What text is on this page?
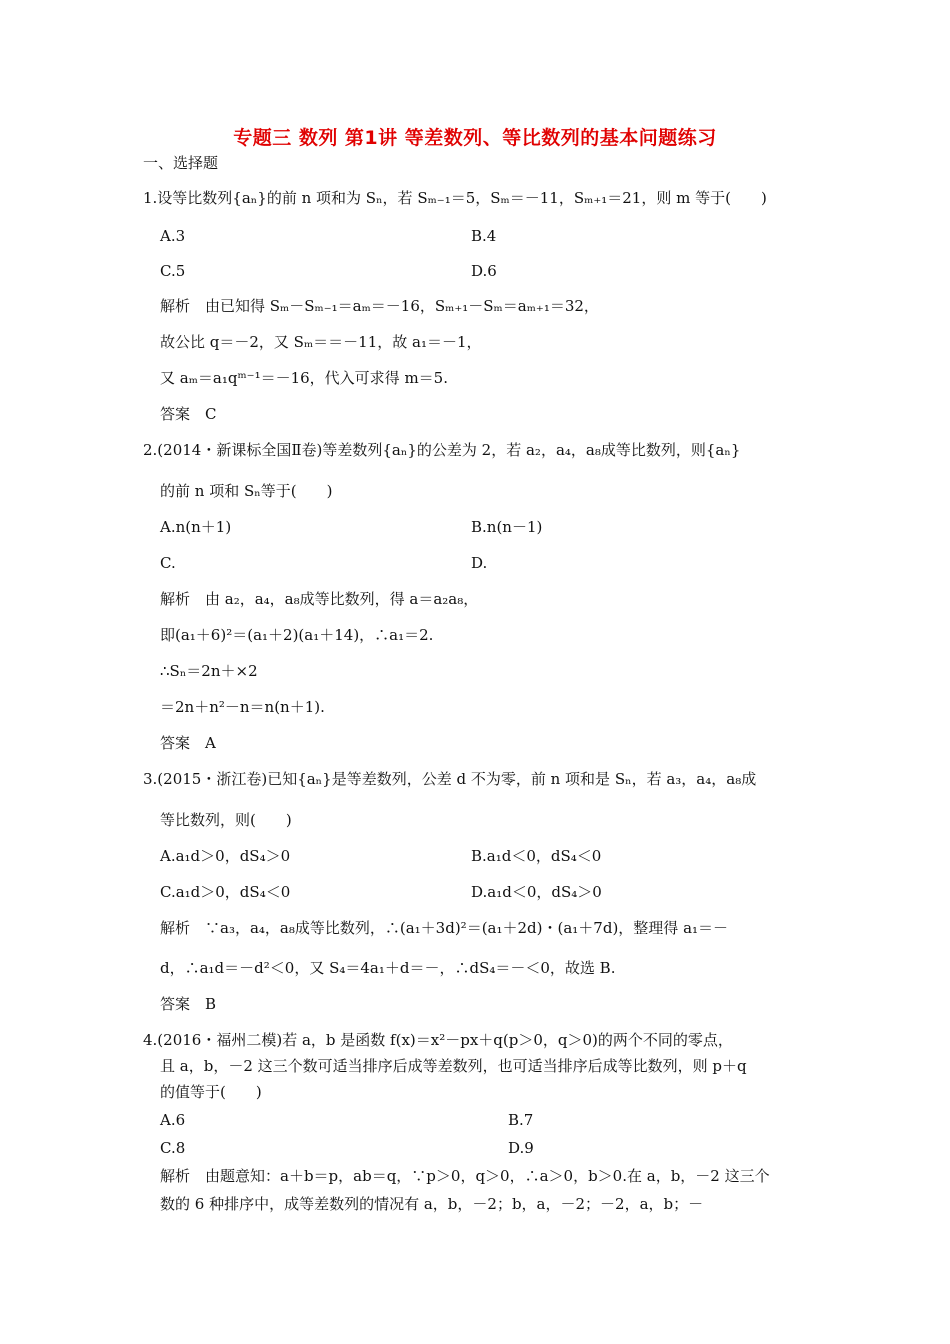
专题三 数列 第1讲 等差数列、等比数列的基本问题练习
一、选择题
1.设等比数列{aₙ}的前 n 项和为 Sₙ，若 Sₘ₋₁＝5，Sₘ＝－11，Sₘ₊₁＝21，则 m 等于(　　)
A.3	B.4
C.5	D.6
解析　由已知得 Sₘ－Sₘ₋₁＝aₘ＝－16，Sₘ₊₁－Sₘ＝aₘ₊₁＝32，
故公比 q＝－2，又 Sₘ＝＝－11，故 a₁＝－1，
又 aₘ＝a₁qᵐ⁻¹＝－16，代入可求得 m＝5.
答案　C
2.(2014・新课标全国Ⅱ卷)等差数列{aₙ}的公差为 2，若 a₂，a₄，a₈成等比数列，则{aₙ}
的前 n 项和 Sₙ等于(　　)
A.n(n＋1)	B.n(n－1)
C.	D.
解析　由 a₂，a₄，a₈成等比数列，得 a＝a₂a₈，
即(a₁＋6)²＝(a₁＋2)(a₁＋14)，∴a₁＝2.
∴Sₙ＝2n＋×2
＝2n＋n²－n＝n(n＋1).
答案　A
3.(2015・浙江卷)已知{aₙ}是等差数列，公差 d 不为零，前 n 项和是 Sₙ，若 a₃，a₄，a₈成
等比数列，则(　　)
A.a₁d＞0，dS₄＞0	B.a₁d＜0，dS₄＜0
C.a₁d＞0，dS₄＜0	D.a₁d＜0，dS₄＞0
解析　∵a₃，a₄，a₈成等比数列，∴(a₁＋3d)²＝(a₁＋2d)・(a₁＋7d)，整理得 a₁＝－
d，∴a₁d＝－d²＜0，又 S₄＝4a₁＋d＝－，∴dS₄＝－＜0，故选 B.
答案　B
4.(2016・福州二模)若 a，b 是函数 f(x)＝x²－px＋q(p＞0，q＞0)的两个不同的零点，
且 a，b，－2 这三个数可适当排序后成等差数列，也可适当排序后成等比数列，则 p＋q
的值等于(　　)
A.6	B.7
C.8	D.9
解析　由题意知：a＋b＝p，ab＝q，∵p＞0，q＞0，∴a＞0，b＞0.在 a，b，－2 这三个
数的 6 种排序中，成等差数列的情况有 a，b，－2；b，a，－2；－2，a，b；－
